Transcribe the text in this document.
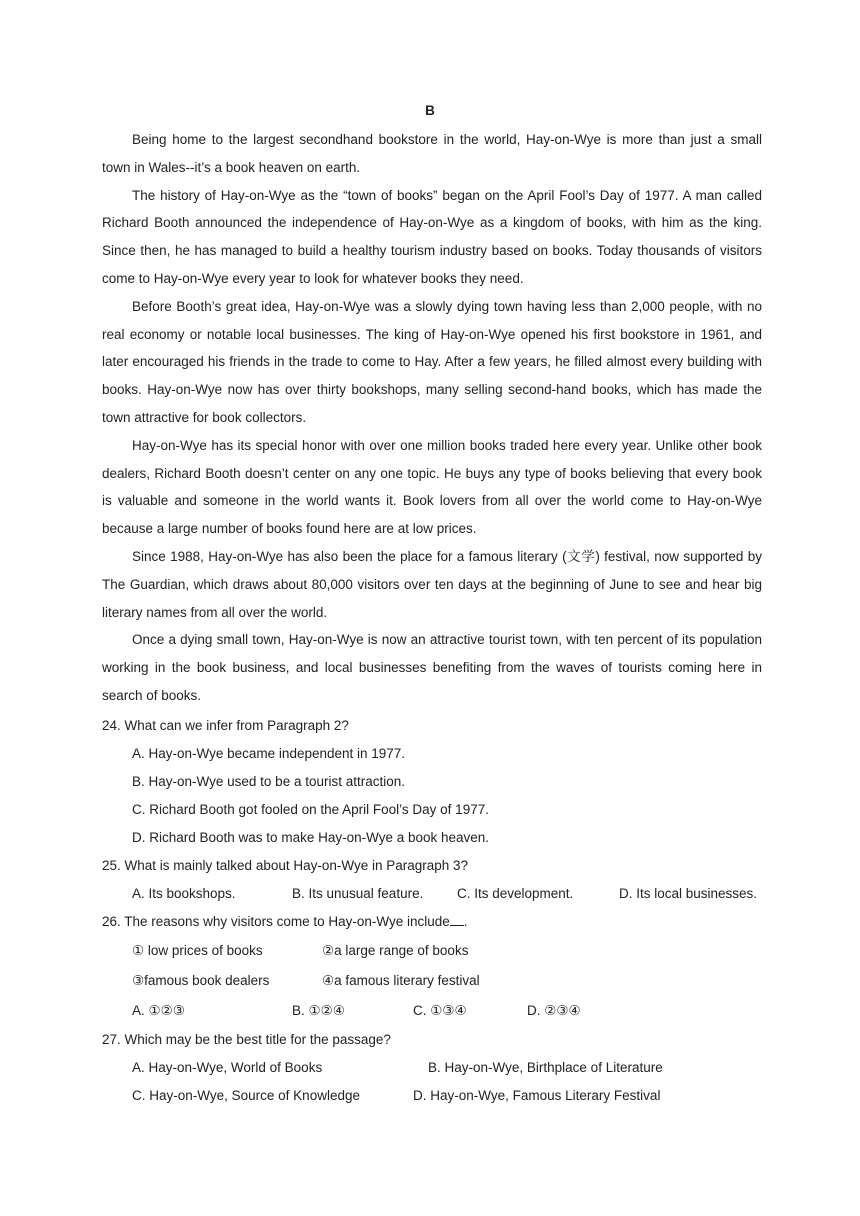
B

Being home to the largest secondhand bookstore in the world, Hay-on-Wye is more than just a small town in Wales--it’s a book heaven on earth.

The history of Hay-on-Wye as the “town of books” began on the April Fool’s Day of 1977. A man called Richard Booth announced the independence of Hay-on-Wye as a kingdom of books, with him as the king. Since then, he has managed to build a healthy tourism industry based on books. Today thousands of visitors come to Hay-on-Wye every year to look for whatever books they need.

Before Booth’s great idea, Hay-on-Wye was a slowly dying town having less than 2,000 people, with no real economy or notable local businesses. The king of Hay-on-Wye opened his first bookstore in 1961, and later encouraged his friends in the trade to come to Hay. After a few years, he filled almost every building with books. Hay-on-Wye now has over thirty bookshops, many selling second-hand books, which has made the town attractive for book collectors.

Hay-on-Wye has its special honor with over one million books traded here every year. Unlike other book dealers, Richard Booth doesn’t center on any one topic. He buys any type of books believing that every book is valuable and someone in the world wants it. Book lovers from all over the world come to Hay-on-Wye because a large number of books found here are at low prices.

Since 1988, Hay-on-Wye has also been the place for a famous literary (文学) festival, now supported by The Guardian, which draws about 80,000 visitors over ten days at the beginning of June to see and hear big literary names from all over the world.

Once a dying small town, Hay-on-Wye is now an attractive tourist town, with ten percent of its population working in the book business, and local businesses benefiting from the waves of tourists coming here in search of books.

24. What can we infer from Paragraph 2?
A. Hay-on-Wye became independent in 1977.
B. Hay-on-Wye used to be a tourist attraction.
C. Richard Booth got fooled on the April Fool’s Day of 1977.
D. Richard Booth was to make Hay-on-Wye a book heaven.
25. What is mainly talked about Hay-on-Wye in Paragraph 3?
A. Its bookshops.	B. Its unusual feature.	C. Its development.	D. Its local businesses.
26. The reasons why visitors come to Hay-on-Wye include .
① low prices of books	②a large range of books
③famous book dealers	④a famous literary festival
A. ①②③	B. ①②④	C. ①③④	D. ②③④
27. Which may be the best title for the passage?
A. Hay-on-Wye, World of Books	B. Hay-on-Wye, Birthplace of Literature
C. Hay-on-Wye, Source of Knowledge	D. Hay-on-Wye, Famous Literary Festival
